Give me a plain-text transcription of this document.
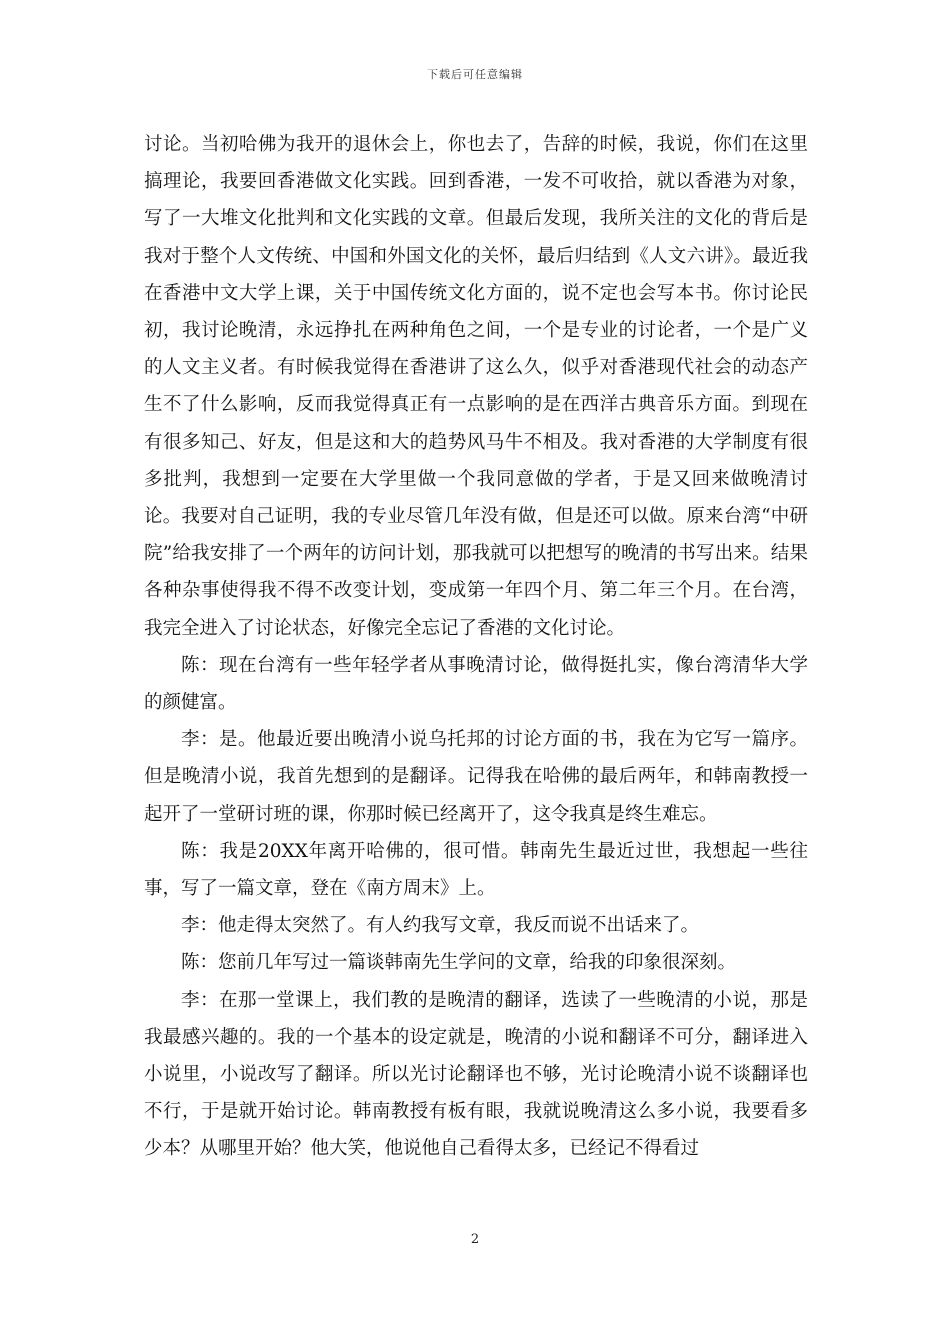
下载后可任意编辑

讨论。当初哈佛为我开的退休会上，你也去了，告辞的时候，我说，你们在这里搞理论，我要回香港做文化实践。回到香港，一发不可收拾，就以香港为对象，写了一大堆文化批判和文化实践的文章。但最后发现，我所关注的文化的背后是我对于整个人文传统、中国和外国文化的关怀，最后归结到《人文六讲》。最近我在香港中文大学上课，关于中国传统文化方面的，说不定也会写本书。你讨论民初，我讨论晚清，永远挣扎在两种角色之间，一个是专业的讨论者，一个是广义的人文主义者。有时候我觉得在香港讲了这么久，似乎对香港现代社会的动态产生不了什么影响，反而我觉得真正有一点影响的是在西洋古典音乐方面。到现在有很多知己、好友，但是这和大的趋势风马牛不相及。我对香港的大学制度有很多批判，我想到一定要在大学里做一个我同意做的学者，于是又回来做晚清讨论。我要对自己证明，我的专业尽管几年没有做，但是还可以做。原来台湾“中研院”给我安排了一个两年的访问计划，那我就可以把想写的晚清的书写出来。结果各种杂事使得我不得不改变计划，变成第一年四个月、第二年三个月。在台湾，我完全进入了讨论状态，好像完全忘记了香港的文化讨论。

陈：现在台湾有一些年轻学者从事晚清讨论，做得挺扎实，像台湾清华大学的颜健富。

李：是。他最近要出晚清小说乌托邦的讨论方面的书，我在为它写一篇序。但是晚清小说，我首先想到的是翻译。记得我在哈佛的最后两年，和韩南教授一起开了一堂研讨班的课，你那时候已经离开了，这令我真是终生难忘。

陈：我是20XX年离开哈佛的，很可惜。韩南先生最近过世，我想起一些往事，写了一篇文章，登在《南方周末》上。

李：他走得太突然了。有人约我写文章，我反而说不出话来了。

陈：您前几年写过一篇谈韩南先生学问的文章，给我的印象很深刻。

李：在那一堂课上，我们教的是晚清的翻译，选读了一些晚清的小说，那是我最感兴趣的。我的一个基本的设定就是，晚清的小说和翻译不可分，翻译进入小说里，小说改写了翻译。所以光讨论翻译也不够，光讨论晚清小说不谈翻译也不行，于是就开始讨论。韩南教授有板有眼，我就说晚清这么多小说，我要看多少本？从哪里开始？他大笑，他说他自己看得太多，已经记不得看过

2
